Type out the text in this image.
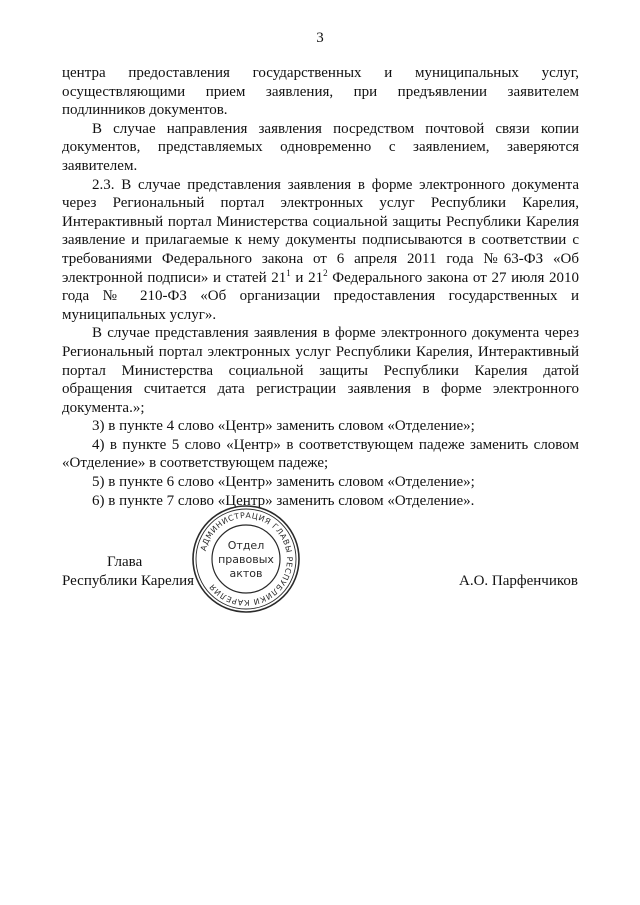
3

центра предоставления государственных и муниципальных услуг, осуществляющими прием заявления, при предъявлении заявителем подлинников документов.

В случае направления заявления посредством почтовой связи копии документов, представляемых одновременно с заявлением, заверяются заявителем.

2.3. В случае представления заявления в форме электронного документа через Региональный портал электронных услуг Республики Карелия, Интерактивный портал Министерства социальной защиты Республики Карелия заявление и прилагаемые к нему документы подписываются в соответствии с требованиями Федерального закона от 6 апреля 2011 года №63-ФЗ «Об электронной подписи» и статей $21^1$ и $21^2$ Федерального закона от 27 июля 2010 года № 210-ФЗ «Об организации предоставления государственных и муниципальных услуг».

В случае представления заявления в форме электронного документа через Региональный портал электронных услуг Республики Карелия, Интерактивный портал Министерства социальной защиты Республики Карелия датой обращения считается дата регистрации заявления в форме электронного документа.»;

3) в пункте 4 слово «Центр» заменить словом «Отделение»;

4) в пункте 5 слово «Центр» в соответствующем падеже заменить словом «Отделение» в соответствующем падеже;

5) в пункте 6 слово «Центр» заменить словом «Отделение»;

6) в пункте 7 слово «Центр» заменить словом «Отделение».

Глава
Республики Карелия	А.О. Парфенчиков
АДМИНИСТРАЦИЯ ГЛАВЫ РЕСПУБЛИКИ КАРЕЛИЯ
Отдел
правовых
актов
